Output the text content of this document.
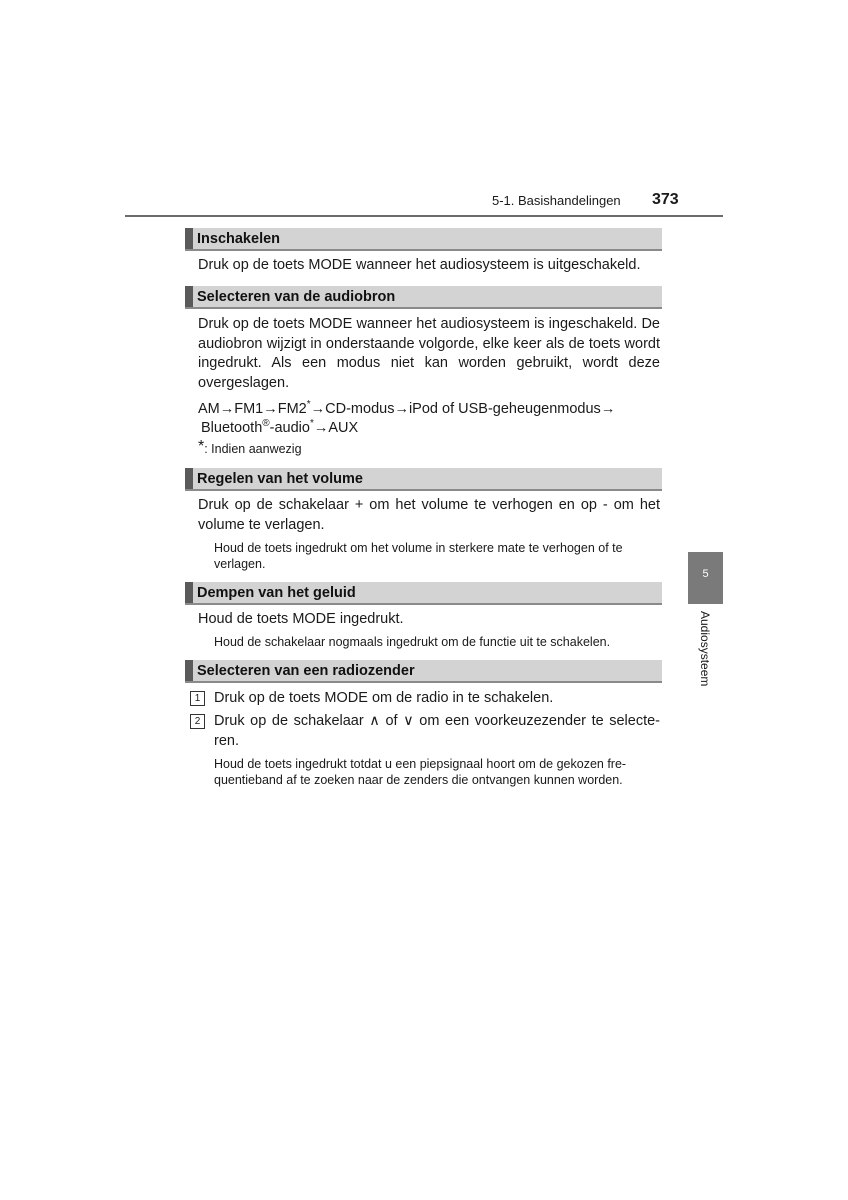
5-1. Basishandelingen 373
Inschakelen

Druk op de toets MODE wanneer het audiosysteem is uitgeschakeld.

Selecteren van de audiobron

Druk op de toets MODE wanneer het audiosysteem is ingeschakeld. De audiobron wijzigt in onderstaande volgorde, elke keer als de toets wordt ingedrukt. Als een modus niet kan worden gebruikt, wordt deze overgeslagen.

AM→FM1→FM2*→CD-modus→iPod of USB-geheugenmodus→
Bluetooth®-audio*→AUX
*: Indien aanwezig
Regelen van het volume

Druk op de schakelaar + om het volume te verhogen en op - om het volume te verlagen.

Houd de toets ingedrukt om het volume in sterkere mate te verhogen of te verlagen.

Dempen van het geluid

Houd de toets MODE ingedrukt.

Houd de schakelaar nogmaals ingedrukt om de functie uit te schakelen.

Selecteren van een radiozender
1 Druk op de toets MODE om de radio in te schakelen.
2 Druk op de schakelaar ∧ of ∨ om een voorkeuzezender te selecte-ren.

Houd de toets ingedrukt totdat u een piepsignaal hoort om de gekozen fre-quentieband af te zoeken naar de zenders die ontvangen kunnen worden.

5
Audiosysteem
